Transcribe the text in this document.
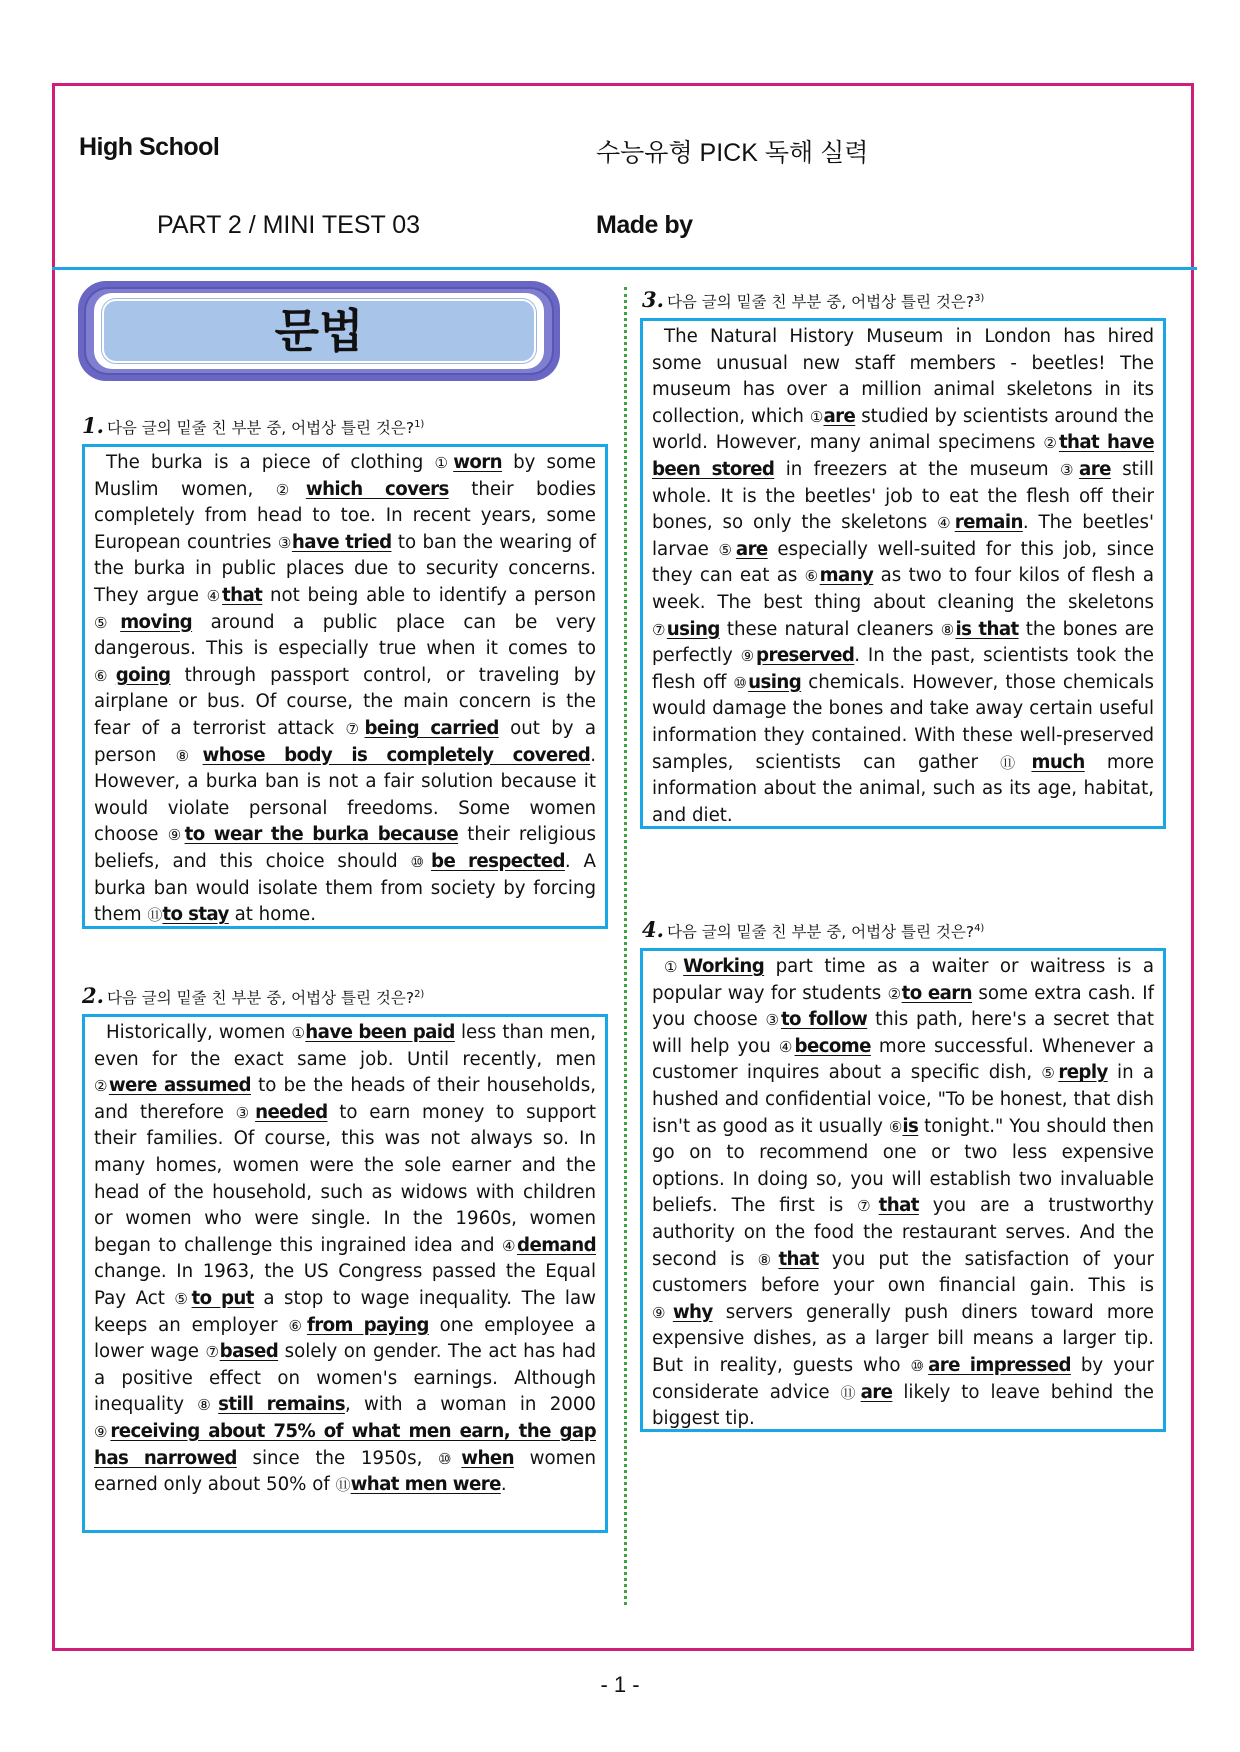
High School	수능유형 PICK 독해 실력
PART 2 / MINI TEST 03	Made by
문법
1. 다음 글의 밑줄 친 부분 중, 어법상 틀린 것은?$^{1)}$

The burka is a piece of clothing ①worn by some Muslim women, ②which covers their bodies completely from head to toe. In recent years, some European countries ③have tried to ban the wearing of the burka in public places due to security concerns. They argue ④that not being able to identify a person ⑤moving around a public place can be very dangerous. This is especially true when it comes to ⑥going through passport control, or traveling by airplane or bus. Of course, the main concern is the fear of a terrorist attack ⑦being carried out by a person ⑧whose body is completely covered. However, a burka ban is not a fair solution because it would violate personal freedoms. Some women choose ⑨to wear the burka because their religious beliefs, and this choice should ⑩be respected. A burka ban would isolate them from society by forcing them ⑪to stay at home.

2. 다음 글의 밑줄 친 부분 중, 어법상 틀린 것은?$^{2)}$

Historically, women ①have been paid less than men, even for the exact same job. Until recently, men ②were assumed to be the heads of their households, and therefore ③needed to earn money to support their families. Of course, this was not always so. In many homes, women were the sole earner and the head of the household, such as widows with children or women who were single. In the 1960s, women began to challenge this ingrained idea and ④demand change. In 1963, the US Congress passed the Equal Pay Act ⑤to put a stop to wage inequality. The law keeps an employer ⑥from paying one employee a lower wage ⑦based solely on gender. The act has had a positive effect on women's earnings. Although inequality ⑧still remains, with a woman in 2000 ⑨receiving about 75% of what men earn, the gap has narrowed since the 1950s, ⑩when women earned only about 50% of ⑪what men were.

3. 다음 글의 밑줄 친 부분 중, 어법상 틀린 것은?$^{3)}$

The Natural History Museum in London has hired some unusual new staff members - beetles! The museum has over a million animal skeletons in its collection, which ①are studied by scientists around the world. However, many animal specimens ②that have been stored in freezers at the museum ③are still whole. It is the beetles' job to eat the flesh off their bones, so only the skeletons ④remain. The beetles' larvae ⑤are especially well-suited for this job, since they can eat as ⑥many as two to four kilos of flesh a week. The best thing about cleaning the skeletons ⑦using these natural cleaners ⑧is that the bones are perfectly ⑨preserved. In the past, scientists took the flesh off ⑩using chemicals. However, those chemicals would damage the bones and take away certain useful information they contained. With these well-preserved samples, scientists can gather ⑪much more information about the animal, such as its age, habitat, and diet.

4. 다음 글의 밑줄 친 부분 중, 어법상 틀린 것은?$^{4)}$

①Working part time as a waiter or waitress is a popular way for students ②to earn some extra cash. If you choose ③to follow this path, here's a secret that will help you ④become more successful. Whenever a customer inquires about a specific dish, ⑤reply in a hushed and confidential voice, "To be honest, that dish isn't as good as it usually ⑥is tonight." You should then go on to recommend one or two less expensive options. In doing so, you will establish two invaluable beliefs. The first is ⑦that you are a trustworthy authority on the food the restaurant serves. And the second is ⑧that you put the satisfaction of your customers before your own financial gain. This is ⑨why servers generally push diners toward more expensive dishes, as a larger bill means a larger tip. But in reality, guests who ⑩are impressed by your considerate advice ⑪are likely to leave behind the biggest tip.

- 1 -
